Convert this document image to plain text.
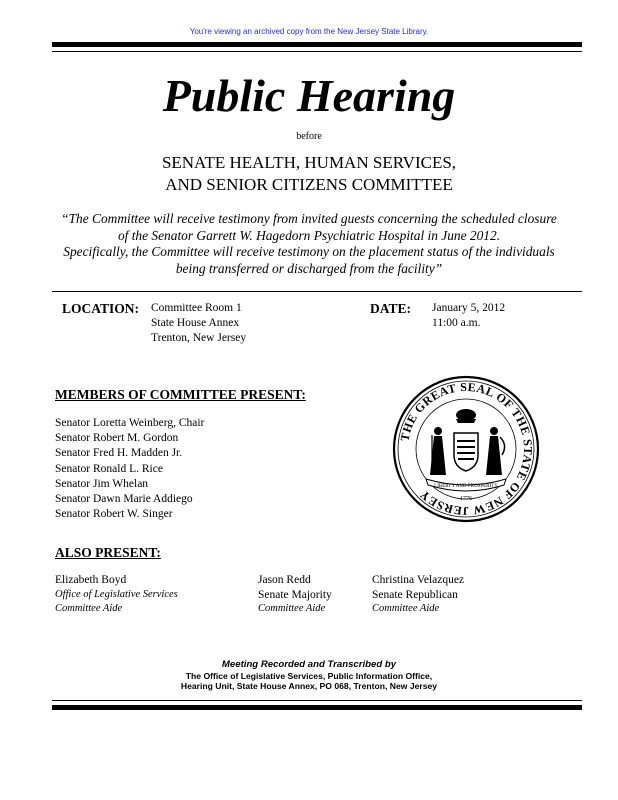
You're viewing an archived copy from the New Jersey State Library.
Public Hearing
before
SENATE HEALTH, HUMAN SERVICES,
AND SENIOR CITIZENS COMMITTEE
“The Committee will receive testimony from invited guests concerning the scheduled closure
of the Senator Garrett W. Hagedorn Psychiatric Hospital in June 2012.
Specifically, the Committee will receive testimony on the placement status of the individuals
being transferred or discharged from the facility”
LOCATION: Committee Room 1
State House Annex
Trenton, New Jersey
DATE: January 5, 2012
11:00 a.m.
MEMBERS OF COMMITTEE PRESENT:
Senator Loretta Weinberg, Chair
Senator Robert M. Gordon
Senator Fred H. Madden Jr.
Senator Ronald L. Rice
Senator Jim Whelan
Senator Dawn Marie Addiego
Senator Robert W. Singer
THE GREAT SEAL OF THE STATE OF NEW JERSEY
LIBERTY AND PROSPERITY
1776
ALSO PRESENT:
Elizabeth Boyd
Office of Legislative Services
Committee Aide
Jason Redd
Senate Majority
Committee Aide
Christina Velazquez
Senate Republican
Committee Aide
Meeting Recorded and Transcribed by
The Office of Legislative Services, Public Information Office,
Hearing Unit, State House Annex, PO 068, Trenton, New Jersey
